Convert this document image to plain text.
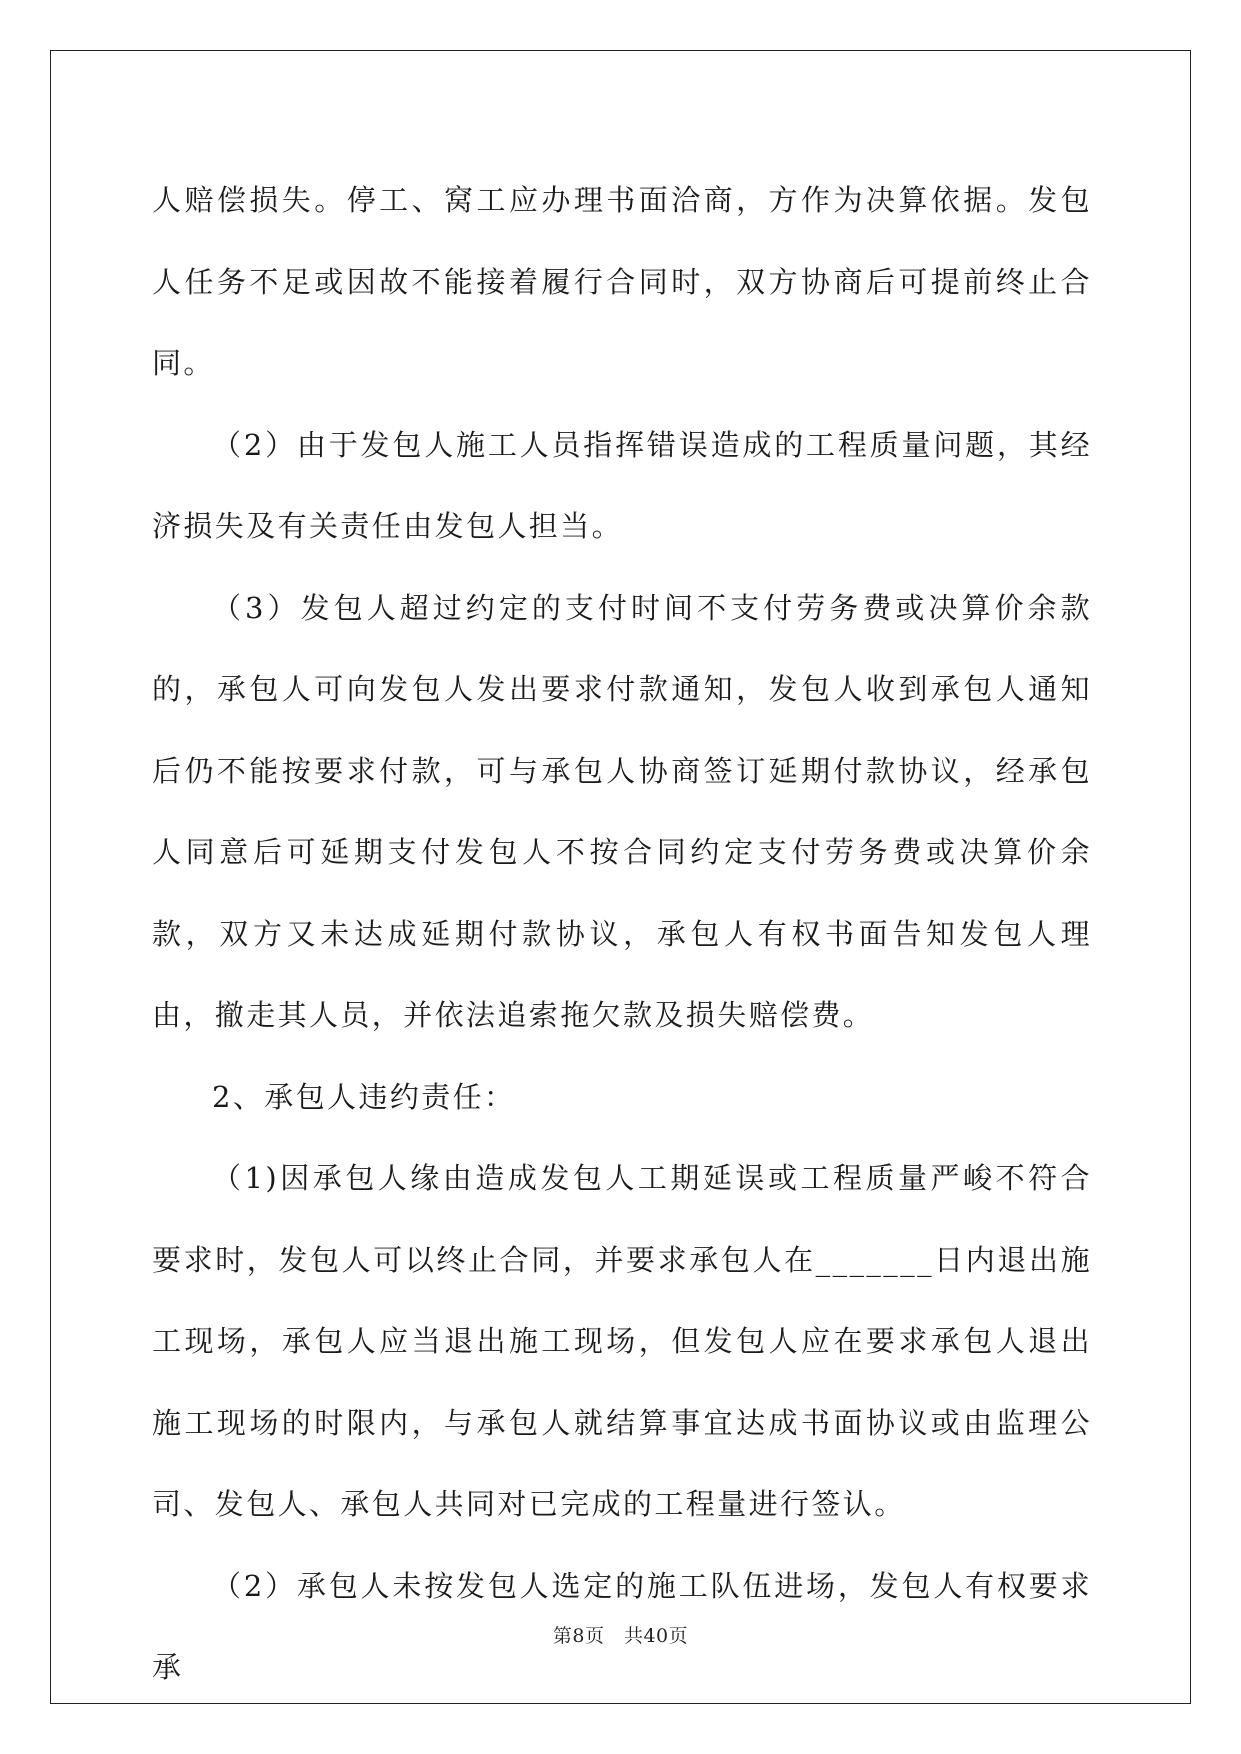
人赔偿损失。停工、窝工应办理书面洽商，方作为决算依据。发包人任务不足或因故不能接着履行合同时，双方协商后可提前终止合同。

（2）由于发包人施工人员指挥错误造成的工程质量问题，其经济损失及有关责任由发包人担当。

（3）发包人超过约定的支付时间不支付劳务费或决算价余款的，承包人可向发包人发出要求付款通知，发包人收到承包人通知后仍不能按要求付款，可与承包人协商签订延期付款协议，经承包人同意后可延期支付发包人不按合同约定支付劳务费或决算价余款，双方又未达成延期付款协议，承包人有权书面告知发包人理由，撤走其人员，并依法追索拖欠款及损失赔偿费。

2、承包人违约责任：

（1)因承包人缘由造成发包人工期延误或工程质量严峻不符合要求时，发包人可以终止合同，并要求承包人在_______日内退出施工现场，承包人应当退出施工现场，但发包人应在要求承包人退出施工现场的时限内，与承包人就结算事宜达成书面协议或由监理公司、发包人、承包人共同对已完成的工程量进行签认。

（2）承包人未按发包人选定的施工队伍进场，发包人有权要求承

第8页　共40页
